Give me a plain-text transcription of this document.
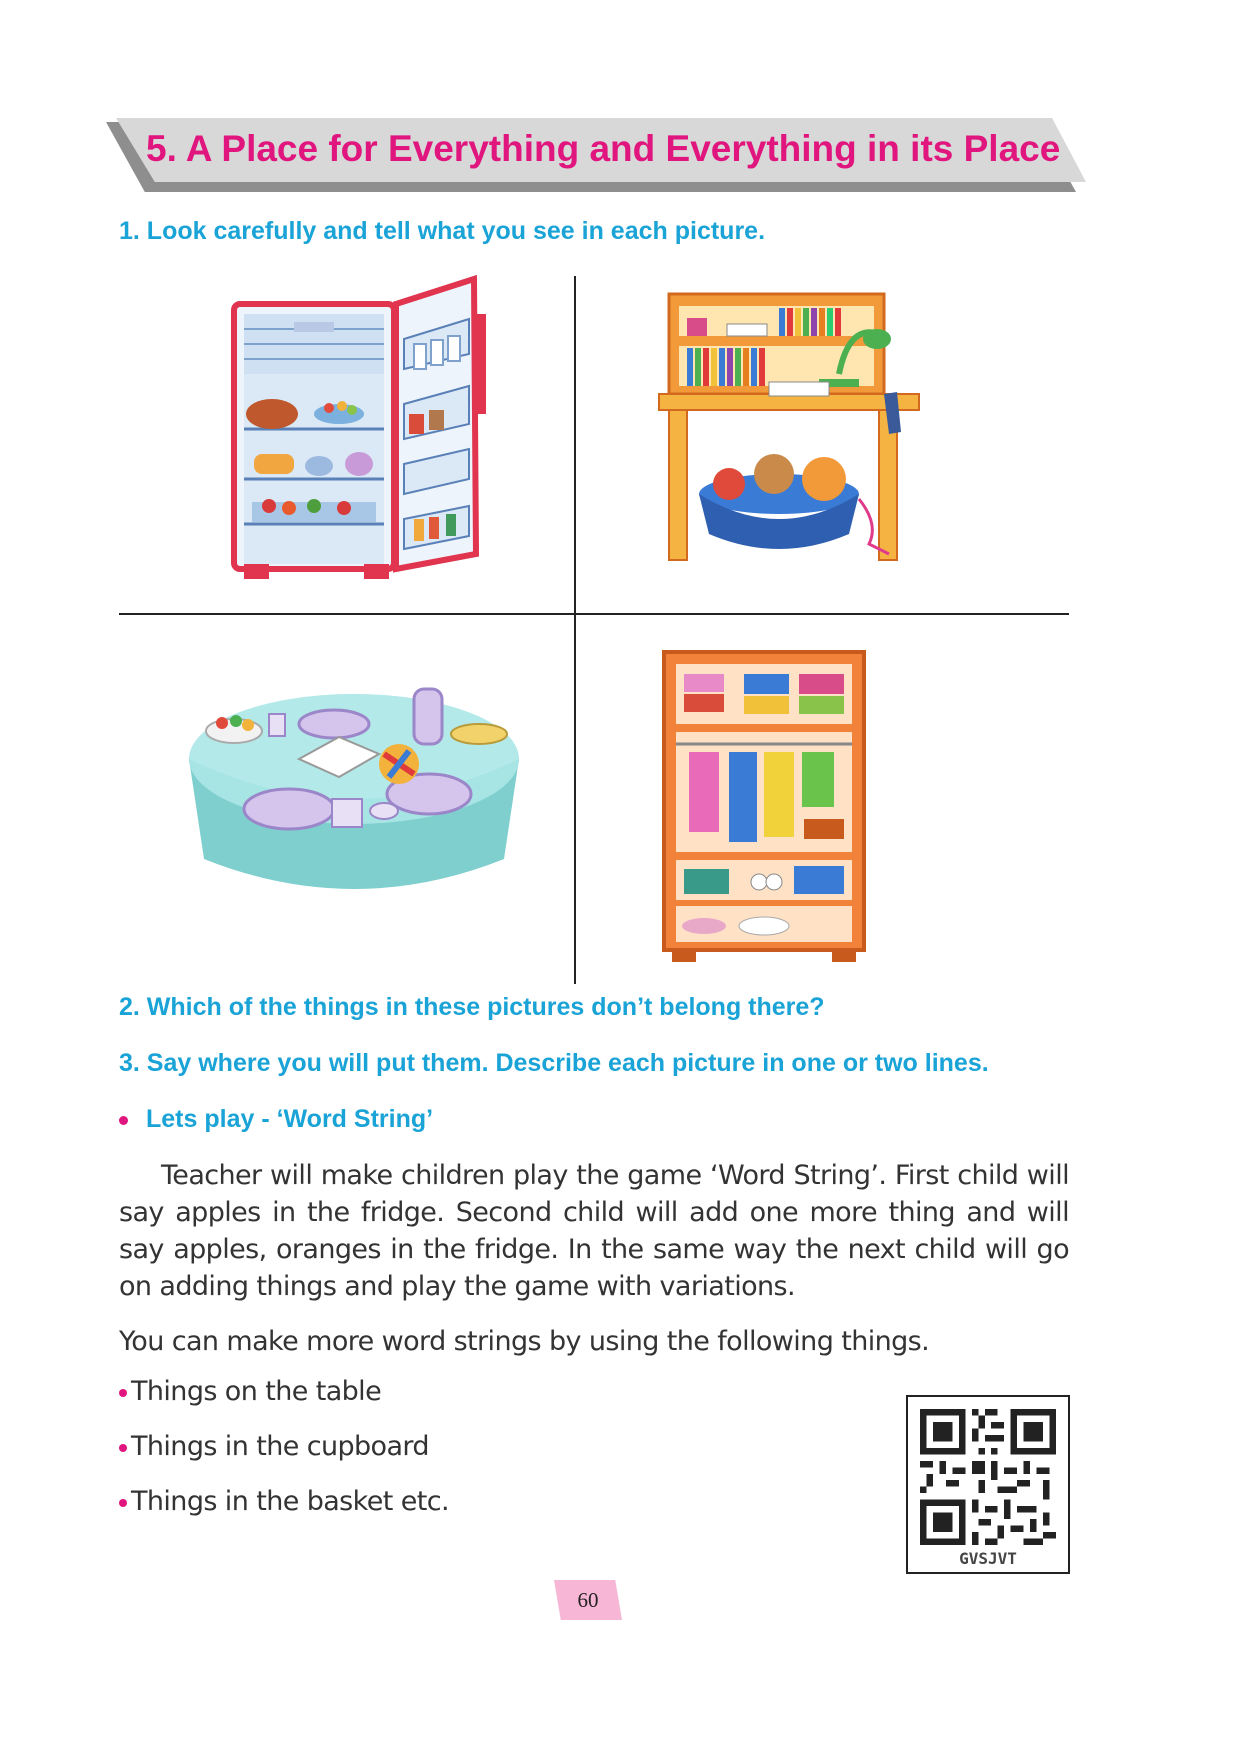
5. A Place for Everything and Everything in its Place
1. Look carefully and tell what you see in each picture.
2. Which of the things in these pictures don’t belong there?
3. Say where you will put them. Describe each picture in one or two lines.
Lets play - ‘Word String’
Teacher will make children play the game ‘Word String’. First child will say apples in the fridge. Second child will add one more thing and will say apples, oranges in the fridge. In the same way the next child will go on adding things and play the game with variations.
You can make more word strings by using the following things.
Things on the table
Things in the cupboard
Things in the basket etc.
GVSJVT
60
